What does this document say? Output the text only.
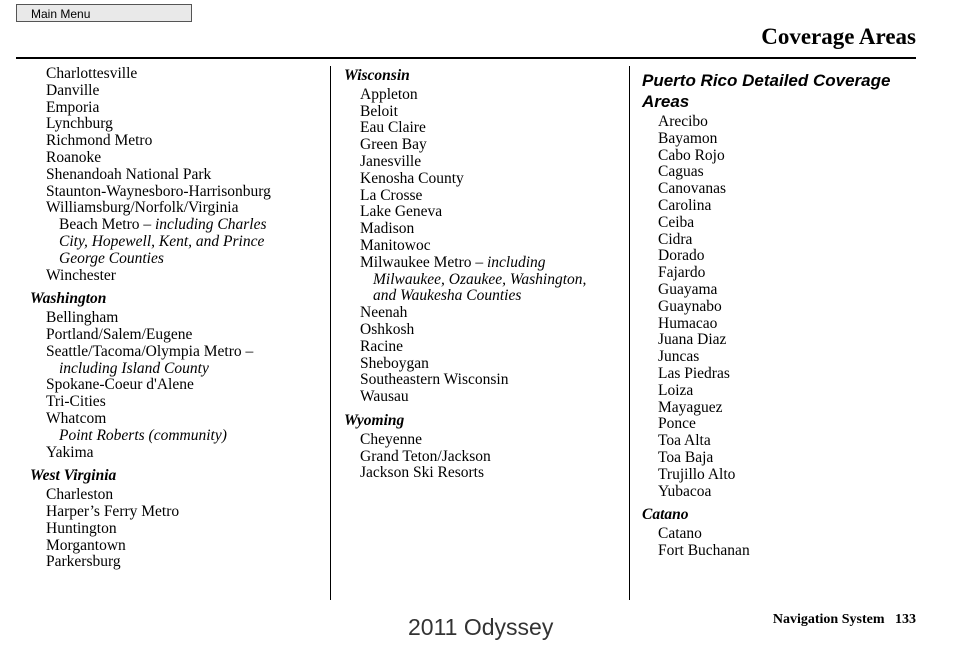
Main Menu
Coverage Areas
Charlottesville
Danville
Emporia
Lynchburg
Richmond Metro
Roanoke
Shenandoah National Park
Staunton-Waynesboro-Harrisonburg
Williamsburg/Norfolk/Virginia
Beach Metro – including Charles
City, Hopewell, Kent, and Prince
George Counties
Winchester
Washington
Bellingham
Portland/Salem/Eugene
Seattle/Tacoma/Olympia Metro –
including Island County
Spokane-Coeur d'Alene
Tri-Cities
Whatcom
Point Roberts (community)
Yakima
West Virginia
Charleston
Harper’s Ferry Metro
Huntington
Morgantown
Parkersburg
Wisconsin
Appleton
Beloit
Eau Claire
Green Bay
Janesville
Kenosha County
La Crosse
Lake Geneva
Madison
Manitowoc
Milwaukee Metro – including
Milwaukee, Ozaukee, Washington,
and Waukesha Counties
Neenah
Oshkosh
Racine
Sheboygan
Southeastern Wisconsin
Wausau
Wyoming
Cheyenne
Grand Teton/Jackson
Jackson Ski Resorts
Puerto Rico Detailed Coverage
Areas
Arecibo
Bayamon
Cabo Rojo
Caguas
Canovanas
Carolina
Ceiba
Cidra
Dorado
Fajardo
Guayama
Guaynabo
Humacao
Juana Diaz
Juncas
Las Piedras
Loiza
Mayaguez
Ponce
Toa Alta
Toa Baja
Trujillo Alto
Yubacoa
Catano
Catano
Fort Buchanan
Navigation System 133
2011 Odyssey
